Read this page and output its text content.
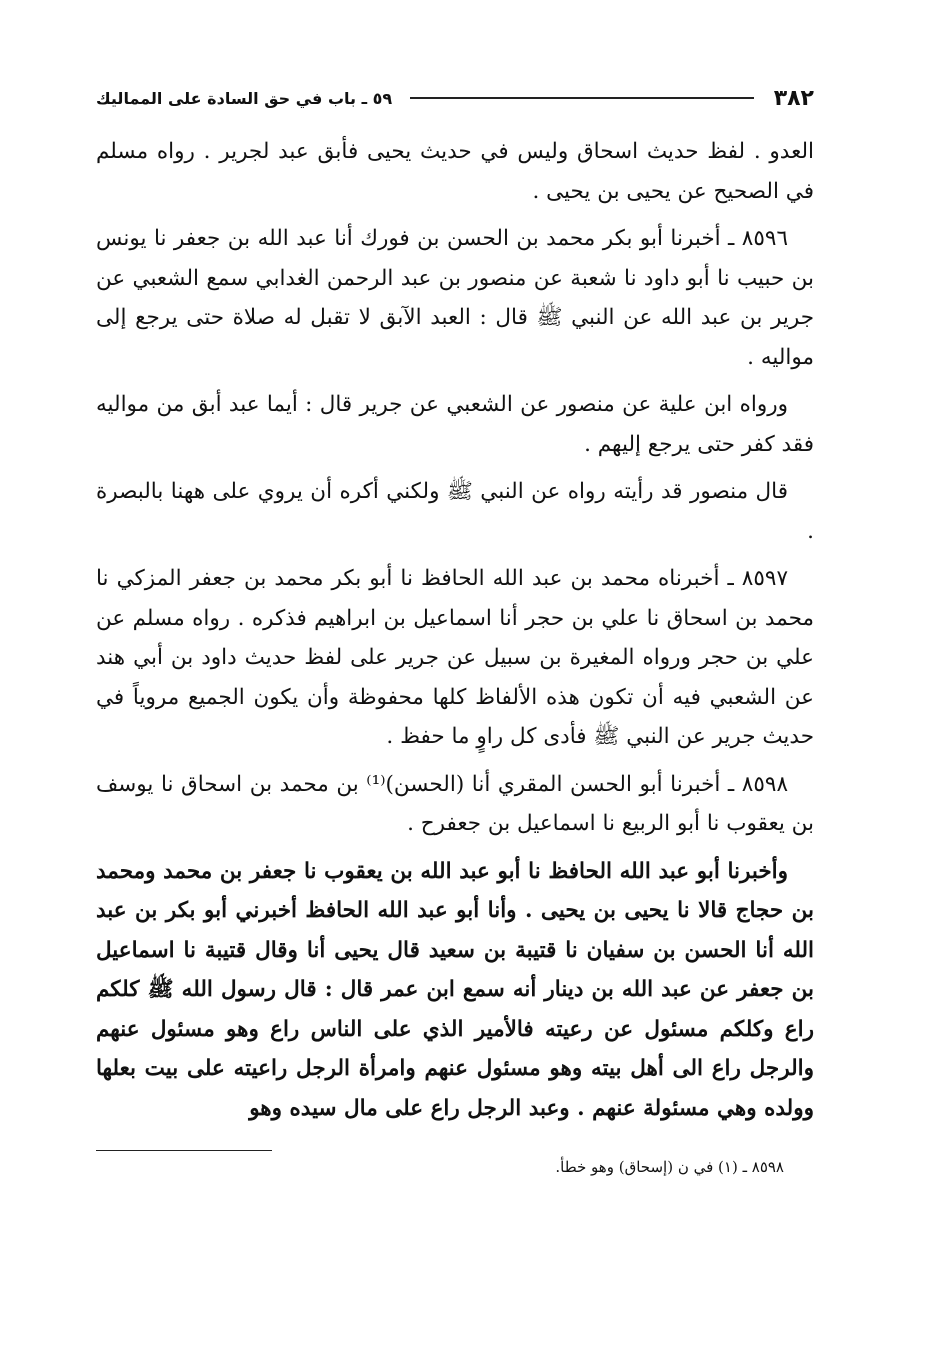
٣٨٢
٥٩ ـ باب في حق السادة على المماليك

العدو . لفظ حديث اسحاق وليس في حديث يحيى فأبق عبد لجرير . رواه مسلم في الصحيح عن يحيى بن يحيى .

٨٥٩٦ ـ أخبرنا أبو بكر محمد بن الحسن بن فورك أنا عبد الله بن جعفر نا يونس بن حبيب نا أبو داود نا شعبة عن منصور بن عبد الرحمن الغدابي سمع الشعبي عن جرير بن عبد الله عن النبي ﷺ قال : العبد الآبق لا تقبل له صلاة حتى يرجع إلى مواليه .

ورواه ابن علية عن منصور عن الشعبي عن جرير قال : أيما عبد أبق من مواليه فقد كفر حتى يرجع إليهم .

قال منصور قد رأيته رواه عن النبي ﷺ ولكني أكره أن يروي على ههنا بالبصرة .

٨٥٩٧ ـ أخبرناه محمد بن عبد الله الحافظ نا أبو بكر محمد بن جعفر المزكي نا محمد بن اسحاق نا علي بن حجر أنا اسماعيل بن ابراهيم فذكره . رواه مسلم عن علي بن حجر ورواه المغيرة بن سبيل عن جرير على لفظ حديث داود بن أبي هند عن الشعبي فيه أن تكون هذه الألفاظ كلها محفوظة وأن يكون الجميع مروياً في حديث جرير عن النبي ﷺ فأدى كل راوٍ ما حفظ .

٨٥٩٨ ـ أخبرنا أبو الحسن المقري أنا (الحسن)⁽¹⁾ بن محمد بن اسحاق نا يوسف بن يعقوب نا أبو الربيع نا اسماعيل بن جعفرح .

وأخبرنا أبو عبد الله الحافظ نا أبو عبد الله بن يعقوب نا جعفر بن محمد ومحمد بن حجاج قالا نا يحيى بن يحيى . وأنا أبو عبد الله الحافظ أخبرني أبو بكر بن عبد الله أنا الحسن بن سفيان نا قتيبة بن سعيد قال يحيى أنا وقال قتيبة نا اسماعيل بن جعفر عن عبد الله بن دينار أنه سمع ابن عمر قال : قال رسول الله ﷺ كلكم راع وكلكم مسئول عن رعيته فالأمير الذي على الناس راع وهو مسئول عنهم والرجل راع الى أهل بيته وهو مسئول عنهم وامرأة الرجل راعيته على بيت بعلها وولده وهي مسئولة عنهم . وعبد الرجل راع على مال سيده وهو

٨٥٩٨ ـ (١) في ن (إسحاق) وهو خطأ.
